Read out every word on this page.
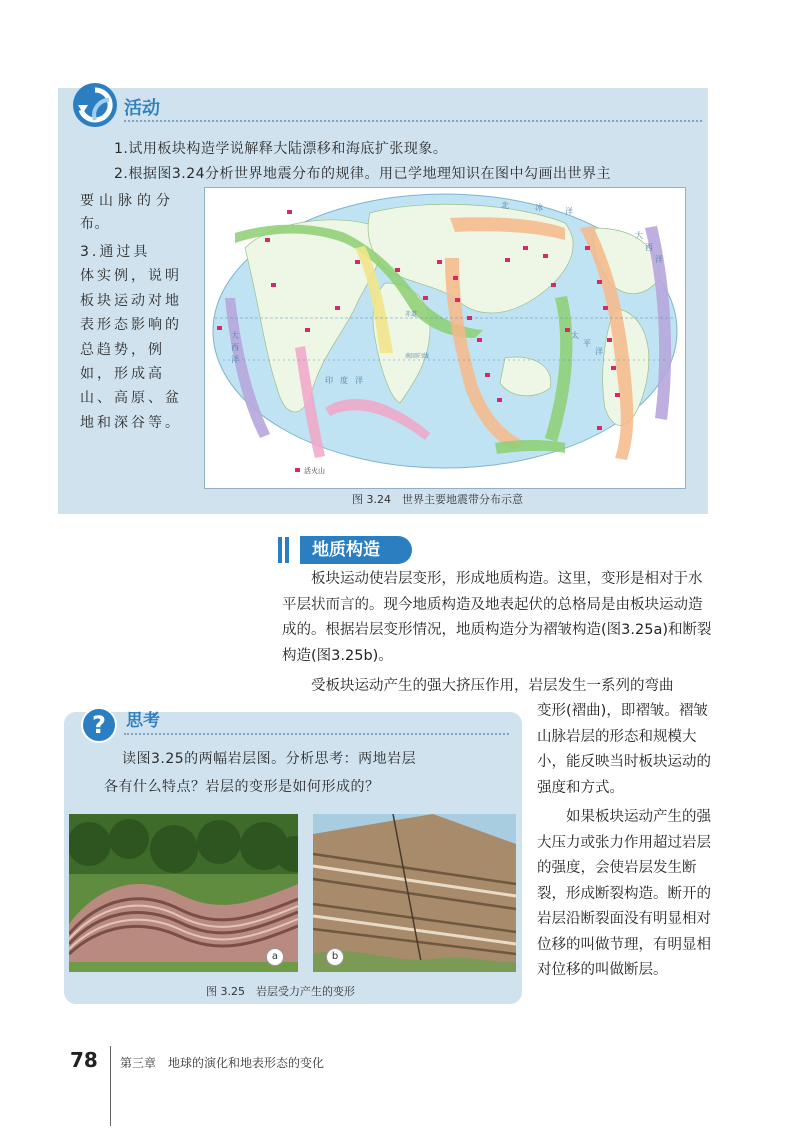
活动
1.试用板块构造学说解释大陆漂移和海底扩张现象。
2.根据图3.24分析世界地震分布的规律。用已学地理知识在图中勾画出世界主
要山脉的分
布。
3.通过具
体实例，说明
板块运动对地
表形态影响的
总趋势，例
如，形成高
山、高原、盆
地和深谷等。
北	冰	洋
太
平
洋
大
西
洋
印 度 洋
大
西
洋
赤道
南回归线
活火山
图 3.24　世界主要地震带分布示意
地质构造
板块运动使岩层变形，形成地质构造。这里，变形是相对于水平层状而言的。现今地质构造及地表起伏的总格局是由板块运动造成的。根据岩层变形情况，地质构造分为褶皱构造(图3.25a)和断裂构造(图3.25b)。
受板块运动产生的强大挤压作用，岩层发生一系列的弯曲
变形(褶曲)，即褶皱。褶皱山脉岩层的形态和规模大小，能反映当时板块运动的强度和方式。
如果板块运动产生的强大压力或张力作用超过岩层的强度，会使岩层发生断裂，形成断裂构造。断开的岩层沿断裂面没有明显相对位移的叫做节理，有明显相对位移的叫做断层。
? 思考
读图3.25的两幅岩层图。分析思考：两地岩层
各有什么特点？岩层的变形是如何形成的？
a	b
图 3.25　岩层受力产生的变形
78 第三章　地球的演化和地表形态的变化
